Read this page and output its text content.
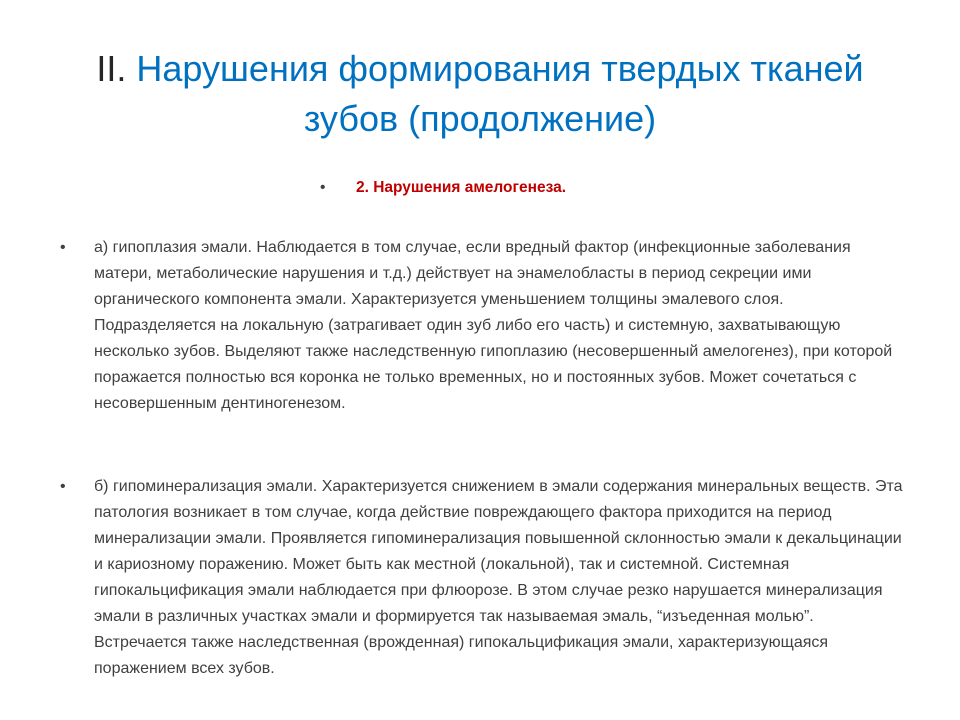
II. Нарушения формирования твердых тканей зубов (продолжение)
• 2. Нарушения амелогенеза.
• а) гипоплазия эмали. Наблюдается в том случае, если вредный фактор (инфекционные заболевания матери, метаболические нарушения и т.д.) действует на энамелобласты в период секреции ими органического компонента эмали. Характеризуется уменьшением толщины эмалевого слоя. Подразделяется на локальную (затрагивает один зуб либо его часть) и системную, захватывающую несколько зубов. Выделяют также наследственную гипоплазию (несовершенный амелогенез), при которой поражается полностью вся коронка не только временных, но и постоянных зубов. Может сочетаться с несовершенным дентиногенезом.
• б) гипоминерализация эмали. Характеризуется снижением в эмали содержания минеральных веществ. Эта патология возникает в том случае, когда действие повреждающего фактора приходится на период минерализации эмали. Проявляется гипоминерализация повышенной склонностью эмали к декальцинации и кариозному поражению. Может быть как местной (локальной), так и системной. Системная гипокальцификация эмали наблюдается при флюорозе. В этом случае резко нарушается минерализация эмали в различных участках эмали и формируется так называемая эмаль, “изъеденная молью”. Встречается также наследственная (врожденная) гипокальцификация эмали, характеризующаяся поражением всех зубов.
